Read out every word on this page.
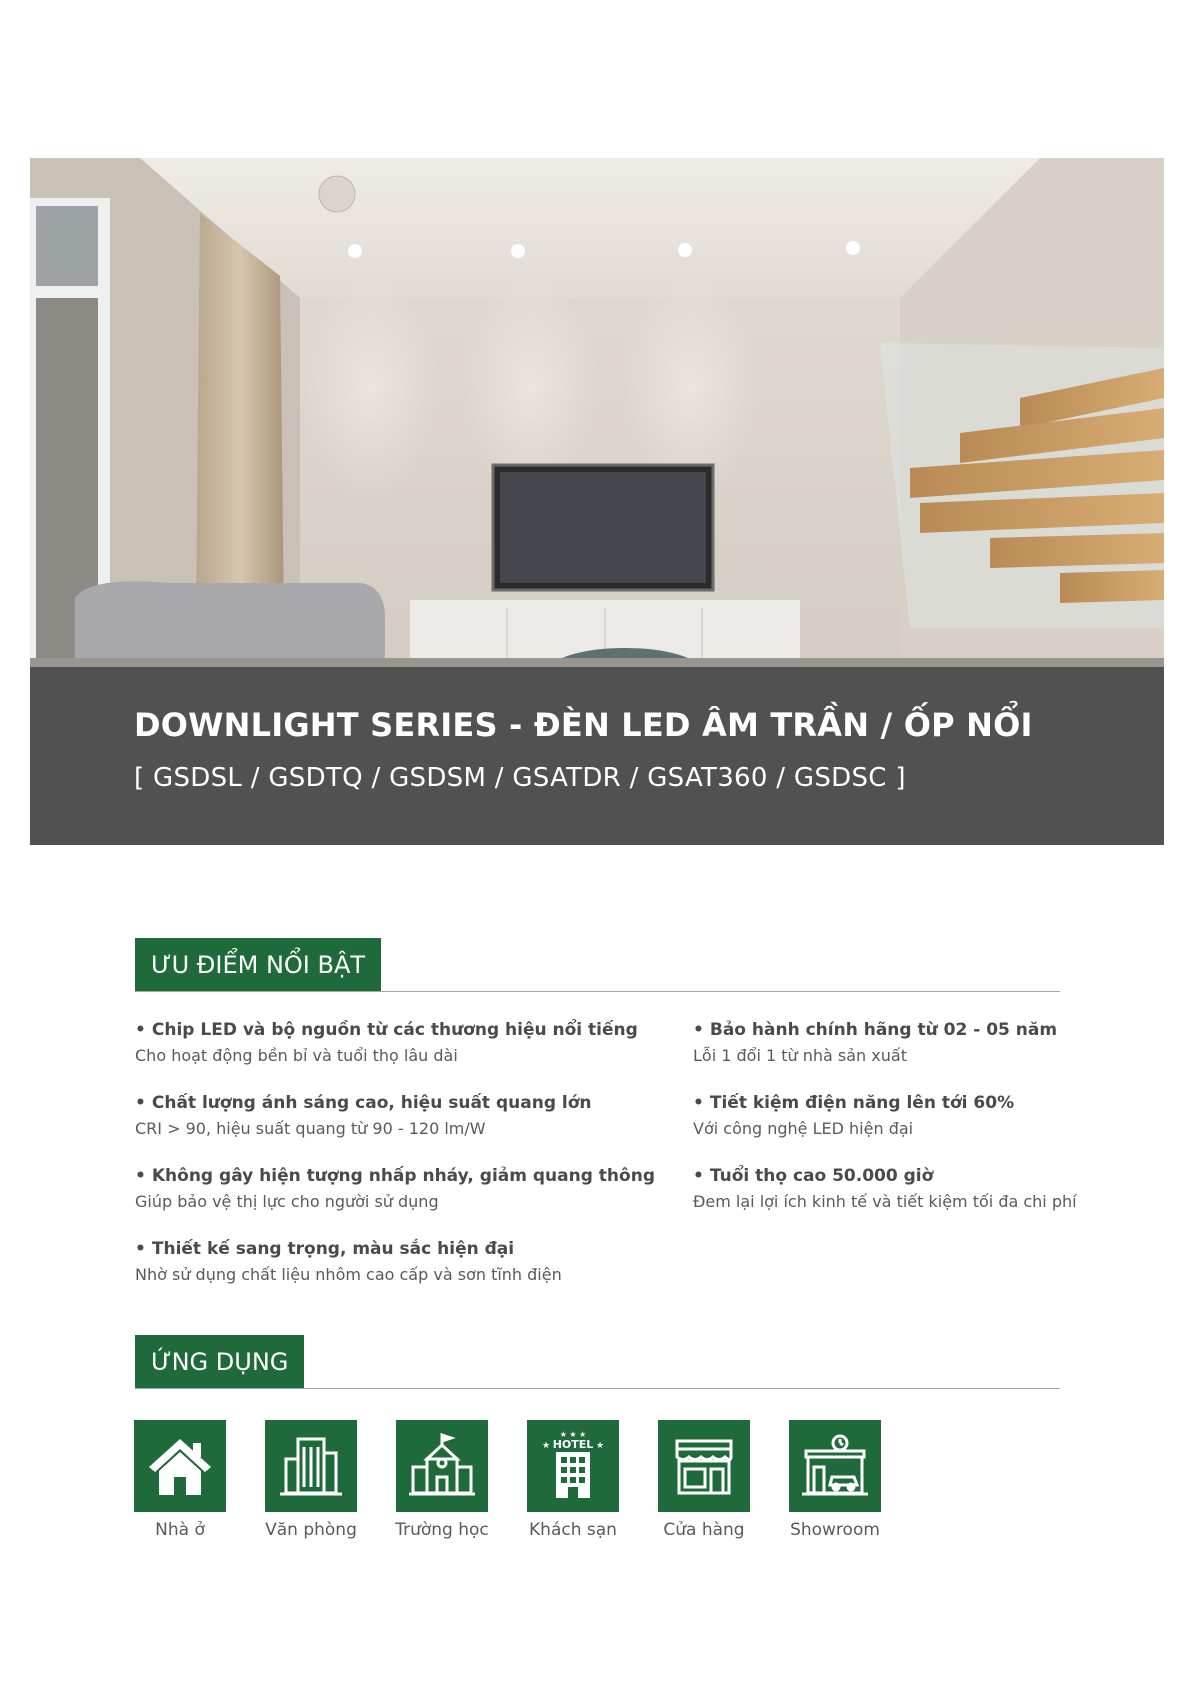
DOWNLIGHT SERIES - ĐÈN LED ÂM TRẦN / ỐP NỔI
[ GSDSL / GSDTQ / GSDSM / GSATDR / GSAT360 / GSDSC ]
ƯU ĐIỂM NỔI BẬT
• Chip LED và bộ nguồn từ các thương hiệu nổi tiếng
Cho hoạt động bền bỉ và tuổi thọ lâu dài
• Chất lượng ánh sáng cao, hiệu suất quang lớn
CRI > 90, hiệu suất quang từ 90 - 120 lm/W
• Không gây hiện tượng nhấp nháy, giảm quang thông
Giúp bảo vệ thị lực cho người sử dụng
• Thiết kế sang trọng, màu sắc hiện đại
Nhờ sử dụng chất liệu nhôm cao cấp và sơn tĩnh điện
• Bảo hành chính hãng từ 02 - 05 năm
Lỗi 1 đổi 1 từ nhà sản xuất
• Tiết kiệm điện năng lên tới 60%
Với công nghệ LED hiện đại
• Tuổi thọ cao 50.000 giờ
Đem lại lợi ích kinh tế và tiết kiệm tối đa chi phí
ỨNG DỤNG
Nhà ở	Văn phòng	Trường học
★ ★ ★
HOTEL
★	★
Khách sạn	Cửa hàng	Showroom
